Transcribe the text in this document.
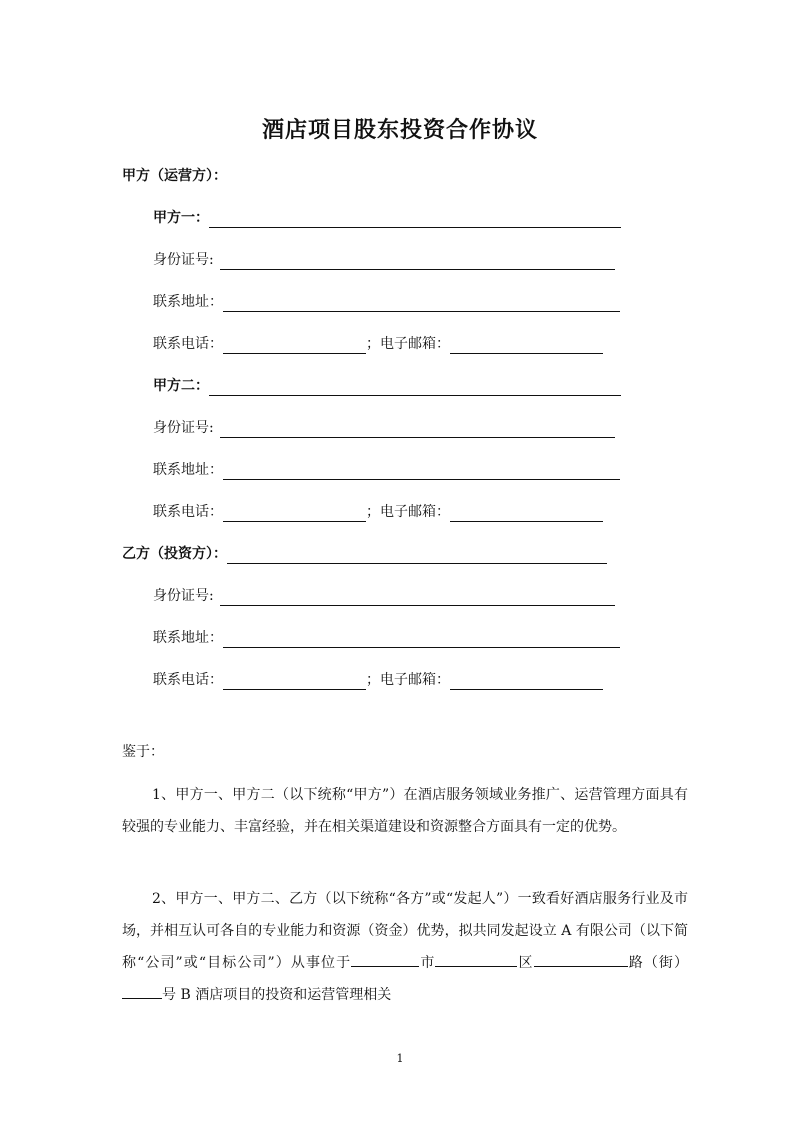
酒店项目股东投资合作协议
甲方（运营方）：
甲方一：
身份证号:
联系地址：
联系电话：	；电子邮箱：
甲方二：
身份证号:
联系地址：
联系电话：	；电子邮箱：
乙方（投资方）：
身份证号:
联系地址：
联系电话：	；电子邮箱：
鉴于：
1、甲方一、甲方二（以下统称“甲方”）在酒店服务领域业务推广、运营管理方面具有较强的专业能力、丰富经验，并在相关渠道建设和资源整合方面具有一定的优势。
2、甲方一、甲方二、乙方（以下统称“各方”或“发起人”）一致看好酒店服务行业及市场，并相互认可各自的专业能力和资源（资金）优势，拟共同发起设立 A 有限公司（以下简称“公司”或“目标公司”）从事位于	市	区	路（街）号 B 酒店项目的投资和运营管理相关
1
